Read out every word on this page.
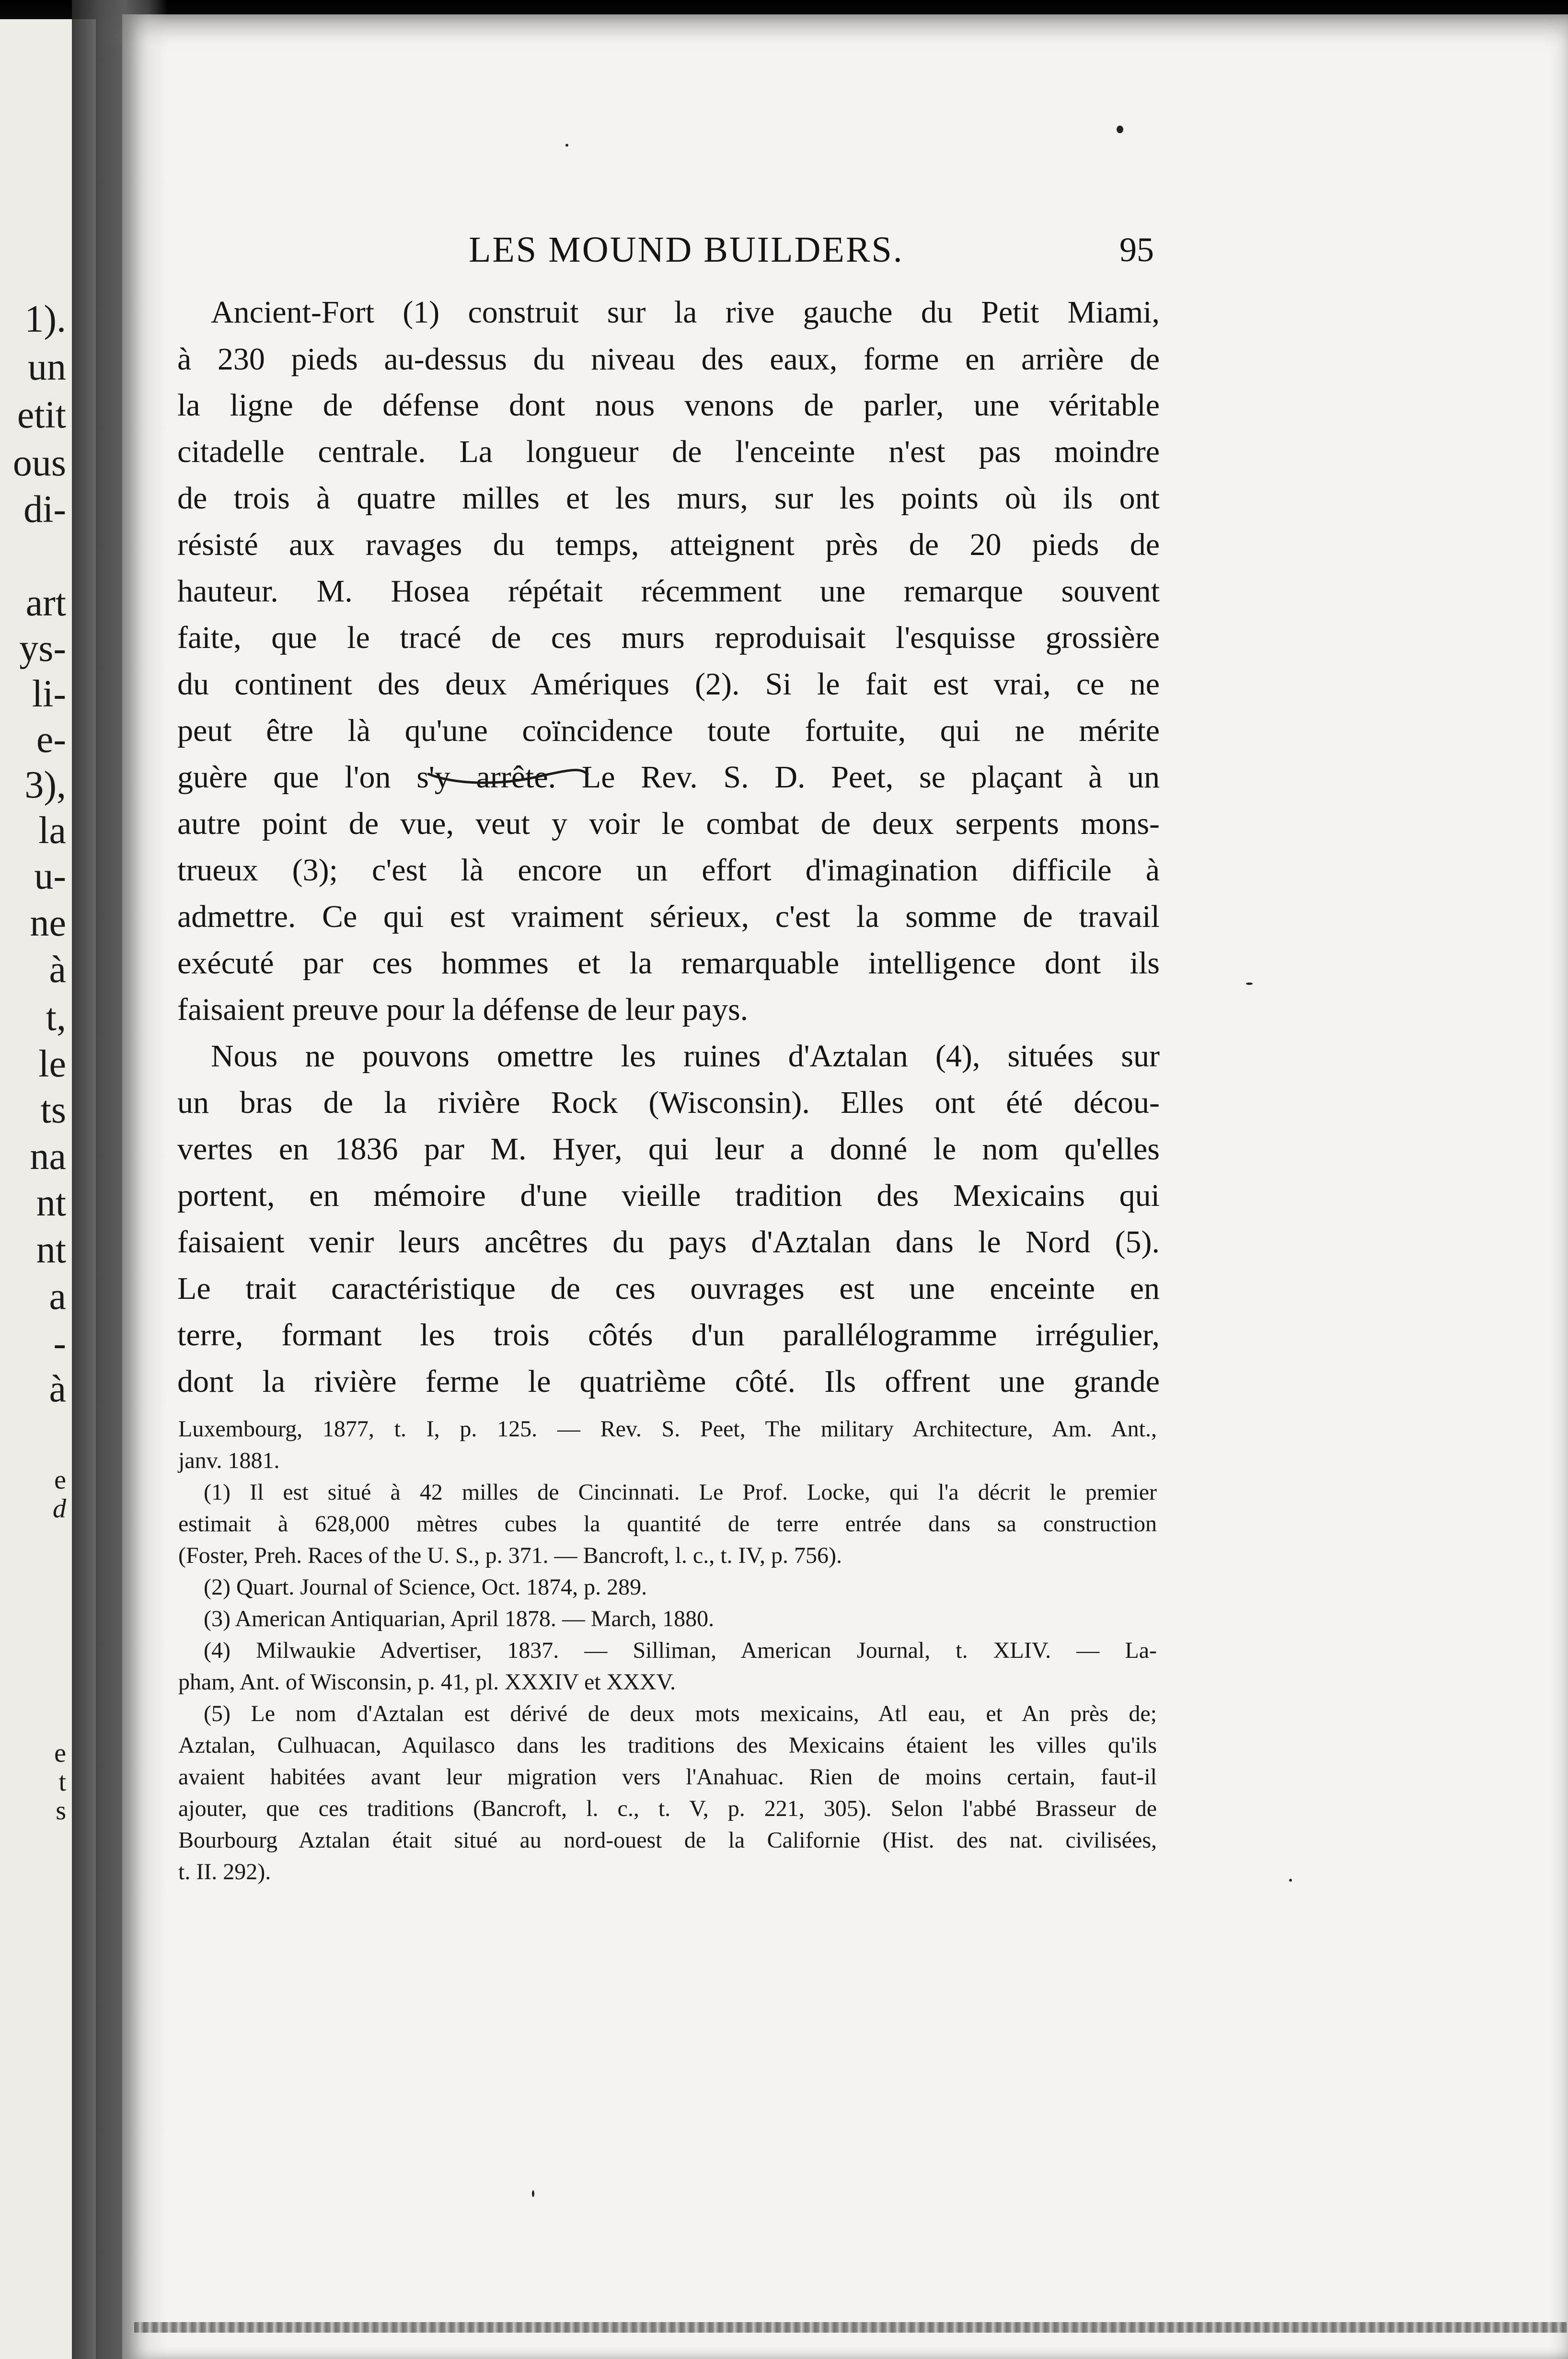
1).
un
etit
ous
di-
art
ys-
li-
e-
3),
la
u-
ne
à
t,
le
ts
na
nt
nt
a
-
à
e
d
e
t
s
LES MOUND BUILDERS.	95
Ancient-Fort (1) construit sur la rive gauche du Petit Miami,
à 230 pieds au-dessus du niveau des eaux, forme en arrière de
la ligne de défense dont nous venons de parler, une véritable
citadelle centrale. La longueur de l'enceinte n'est pas moindre
de trois à quatre milles et les murs, sur les points où ils ont
résisté aux ravages du temps, atteignent près de 20 pieds de
hauteur. M. Hosea répétait récemment une remarque souvent
faite, que le tracé de ces murs reproduisait l'esquisse grossière
du continent des deux Amériques (2). Si le fait est vrai, ce ne
peut être là qu'une coïncidence toute fortuite, qui ne mérite
guère que l'on s'y arrête. Le Rev. S. D. Peet, se plaçant à un
autre point de vue, veut y voir le combat de deux serpents mons-
trueux (3); c'est là encore un effort d'imagination difficile à
admettre. Ce qui est vraiment sérieux, c'est la somme de travail
exécuté par ces hommes et la remarquable intelligence dont ils
faisaient preuve pour la défense de leur pays.
Nous ne pouvons omettre les ruines d'Aztalan (4), situées sur
un bras de la rivière Rock (Wisconsin). Elles ont été décou-
vertes en 1836 par M. Hyer, qui leur a donné le nom qu'elles
portent, en mémoire d'une vieille tradition des Mexicains qui
faisaient venir leurs ancêtres du pays d'Aztalan dans le Nord (5).
Le trait caractéristique de ces ouvrages est une enceinte en
terre, formant les trois côtés d'un parallélogramme irrégulier,
dont la rivière ferme le quatrième côté. Ils offrent une grande
Luxembourg, 1877, t. I, p. 125. — Rev. S. Peet, The military Architecture, Am. Ant.,
janv. 1881.
(1) Il est situé à 42 milles de Cincinnati. Le Prof. Locke, qui l'a décrit le premier
estimait à 628,000 mètres cubes la quantité de terre entrée dans sa construction
(Foster, Preh. Races of the U. S., p. 371. — Bancroft, l. c., t. IV, p. 756).
(2) Quart. Journal of Science, Oct. 1874, p. 289.
(3) American Antiquarian, April 1878. — March, 1880.
(4) Milwaukie Advertiser, 1837. — Silliman, American Journal, t. XLIV. — La-
pham, Ant. of Wisconsin, p. 41, pl. XXXIV et XXXV.
(5) Le nom d'Aztalan est dérivé de deux mots mexicains, Atl eau, et An près de;
Aztalan, Culhuacan, Aquilasco dans les traditions des Mexicains étaient les villes qu'ils
avaient habitées avant leur migration vers l'Anahuac. Rien de moins certain, faut-il
ajouter, que ces traditions (Bancroft, l. c., t. V, p. 221, 305). Selon l'abbé Brasseur de
Bourbourg Aztalan était situé au nord-ouest de la Californie (Hist. des nat. civilisées,
t. II. 292).
